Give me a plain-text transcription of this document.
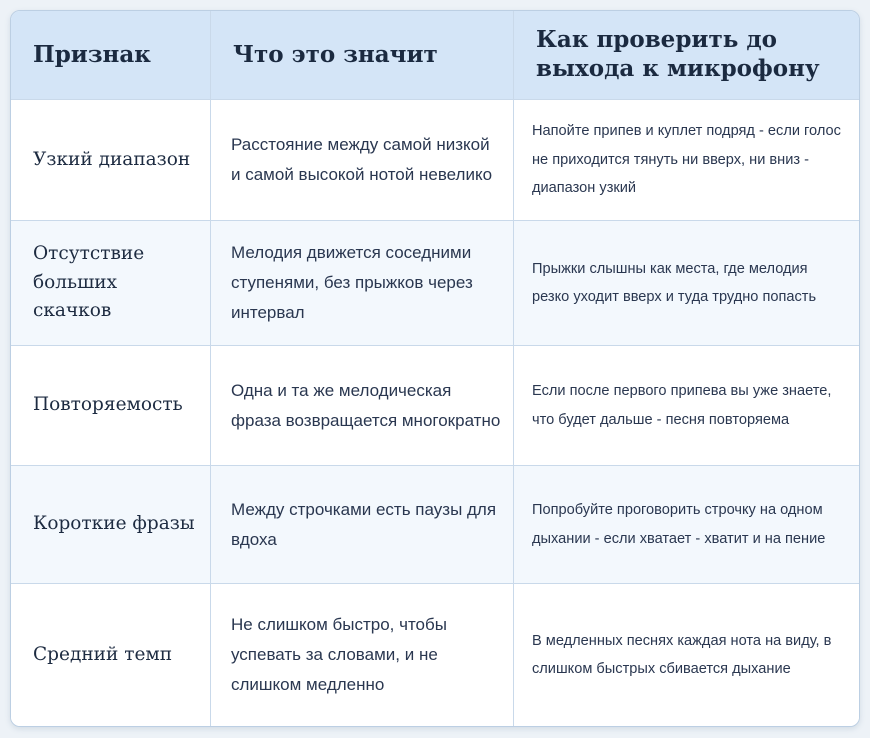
Признак	Что это значит
Как проверить до выхода к микрофону
Узкий диапазон
Расстояние между самой низкой и самой высокой нотой невелико
Напойте припев и куплет подряд - если голос не приходится тянуть ни вверх, ни вниз - диапазон узкий
Отсутствие больших скачков
Мелодия движется соседними ступенями, без прыжков через интервал
Прыжки слышны как места, где мелодия резко уходит вверх и туда трудно попасть
Повторяемость
Одна и та же мелодическая фраза возвращается многократно
Если после первого припева вы уже знаете, что будет дальше - песня повторяема
Короткие фразы
Между строчками есть паузы для вдоха
Попробуйте проговорить строчку на одном дыхании - если хватает - хватит и на пение
Средний темп
Не слишком быстро, чтобы успевать за словами, и не слишком медленно
В медленных песнях каждая нота на виду, в слишком быстрых сбивается дыхание
